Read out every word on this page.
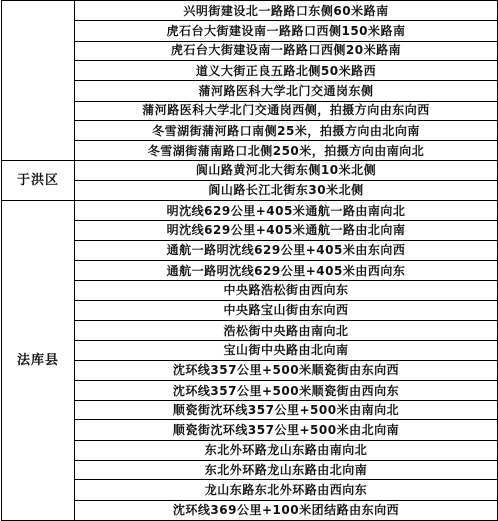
	兴明街建设北一路路口东侧60米路南
	虎石台大街建设南一路路口西侧150米路南
	虎石台大街建设南一路路口西侧20米路南
	道义大街正良五路北侧50米路西
	蒲河路医科大学北门交通岗东侧
	蒲河路医科大学北门交通岗西侧，拍摄方向由东向西
	冬雪湖街蒲河路口南侧25米，拍摄方向由北向南
	冬雪湖街蒲南路口北侧250米，拍摄方向由南向北
于洪区	阆山路黄河北大街东侧10米北侧
	阆山路长江北街东30米北侧
法库县	明沈线629公里+405米通航一路由南向北
	明沈线629公里+405米通航一路由北向南
	通航一路明沈线629公里+405米由东向西
	通航一路明沈线629公里+405米由西向东
	中央路浩松街由西向东
	中央路宝山街由东向西
	浩松街中央路由南向北
	宝山街中央路由北向南
	沈环线357公里+500米顺瓷街由东向西
	沈环线357公里+500米顺瓷街由西向东
	顺瓷街沈环线357公里+500米由南向北
	顺瓷街沈环线357公里+500米由北向南
	东北外环路龙山东路由南向北
	东北外环路龙山东路由北向南
	龙山东路东北外环路由西向东
	沈环线369公里+100米团结路由东向西
